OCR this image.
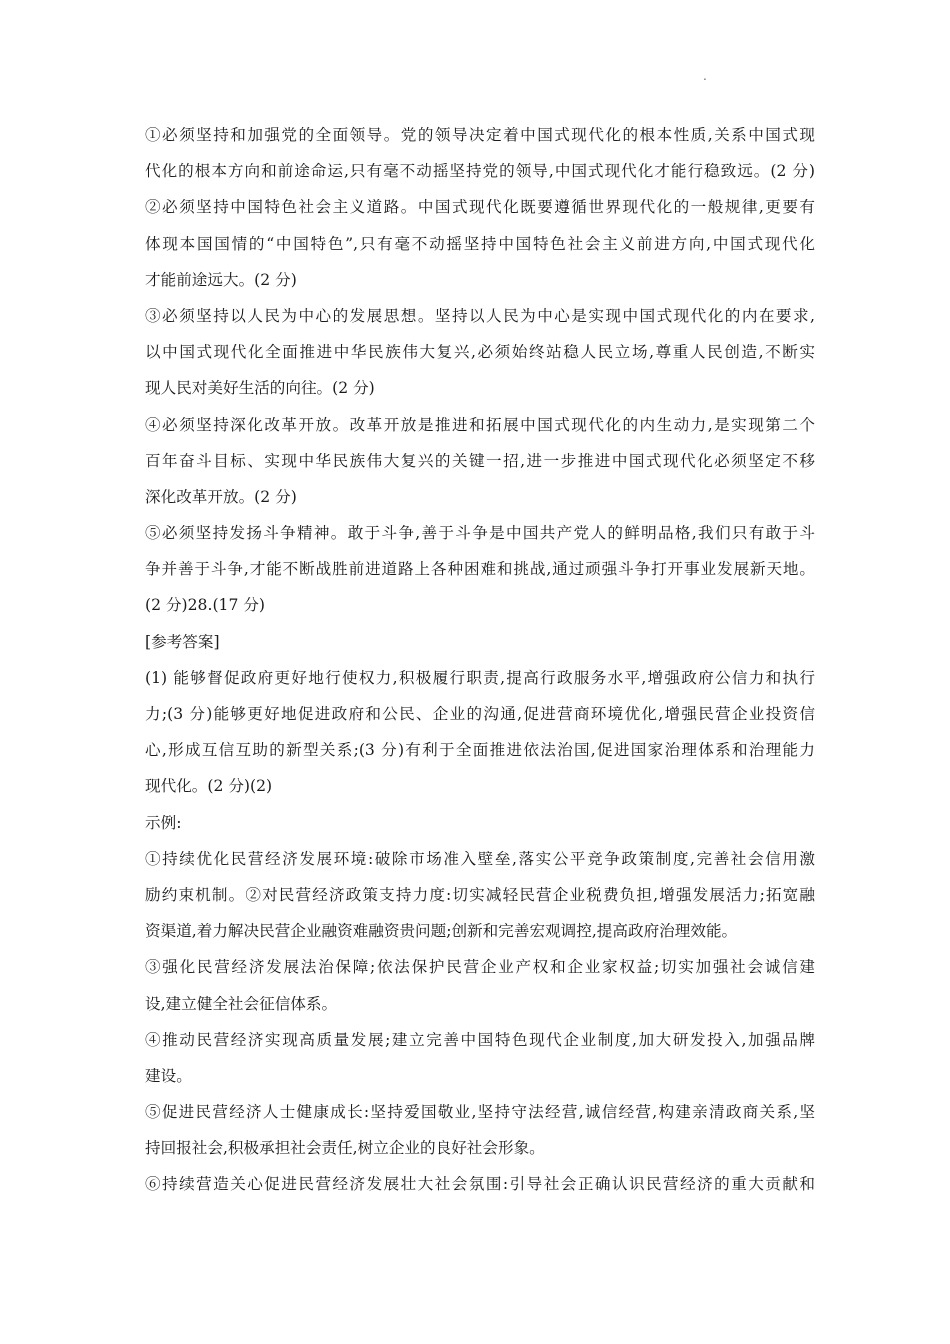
.
①必须坚持和加强党的全面领导。党的领导决定着中国式现代化的根本性质,关系中国式现
代化的根本方向和前途命运,只有毫不动摇坚持党的领导,中国式现代化才能行稳致远。(2 分)
②必须坚持中国特色社会主义道路。中国式现代化既要遵循世界现代化的一般规律,更要有
体现本国国情的“中国特色”,只有毫不动摇坚持中国特色社会主义前进方向,中国式现代化
才能前途远大。(2 分)
③必须坚持以人民为中心的发展思想。坚持以人民为中心是实现中国式现代化的内在要求,
以中国式现代化全面推进中华民族伟大复兴,必须始终站稳人民立场,尊重人民创造,不断实
现人民对美好生活的向往。(2 分)
④必须坚持深化改革开放。改革开放是推进和拓展中国式现代化的内生动力,是实现第二个
百年奋斗目标、实现中华民族伟大复兴的关键一招,进一步推进中国式现代化必须坚定不移
深化改革开放。(2 分)
⑤必须坚持发扬斗争精神。敢于斗争,善于斗争是中国共产党人的鲜明品格,我们只有敢于斗
争并善于斗争,才能不断战胜前进道路上各种困难和挑战,通过顽强斗争打开事业发展新天地。
(2 分)28.(17 分)
[参考答案]
(1) 能够督促政府更好地行使权力,积极履行职责,提高行政服务水平,增强政府公信力和执行
力;(3 分)能够更好地促进政府和公民、企业的沟通,促进营商环境优化,增强民营企业投资信
心,形成互信互助的新型关系;(3 分)有利于全面推进依法治国,促进国家治理体系和治理能力
现代化。(2 分)(2)
示例:
①持续优化民营经济发展环境:破除市场准入壁垒,落实公平竞争政策制度,完善社会信用激
励约束机制。②对民营经济政策支持力度:切实减轻民营企业税费负担,增强发展活力;拓宽融
资渠道,着力解决民营企业融资难融资贵问题;创新和完善宏观调控,提高政府治理效能。
③强化民营经济发展法治保障;依法保护民营企业产权和企业家权益;切实加强社会诚信建
设,建立健全社会征信体系。
④推动民营经济实现高质量发展;建立完善中国特色现代企业制度,加大研发投入,加强品牌
建设。
⑤促进民营经济人士健康成长:坚持爱国敬业,坚持守法经营,诚信经营,构建亲清政商关系,坚
持回报社会,积极承担社会责任,树立企业的良好社会形象。
⑥持续营造关心促进民营经济发展壮大社会氛围:引导社会正确认识民营经济的重大贡献和
